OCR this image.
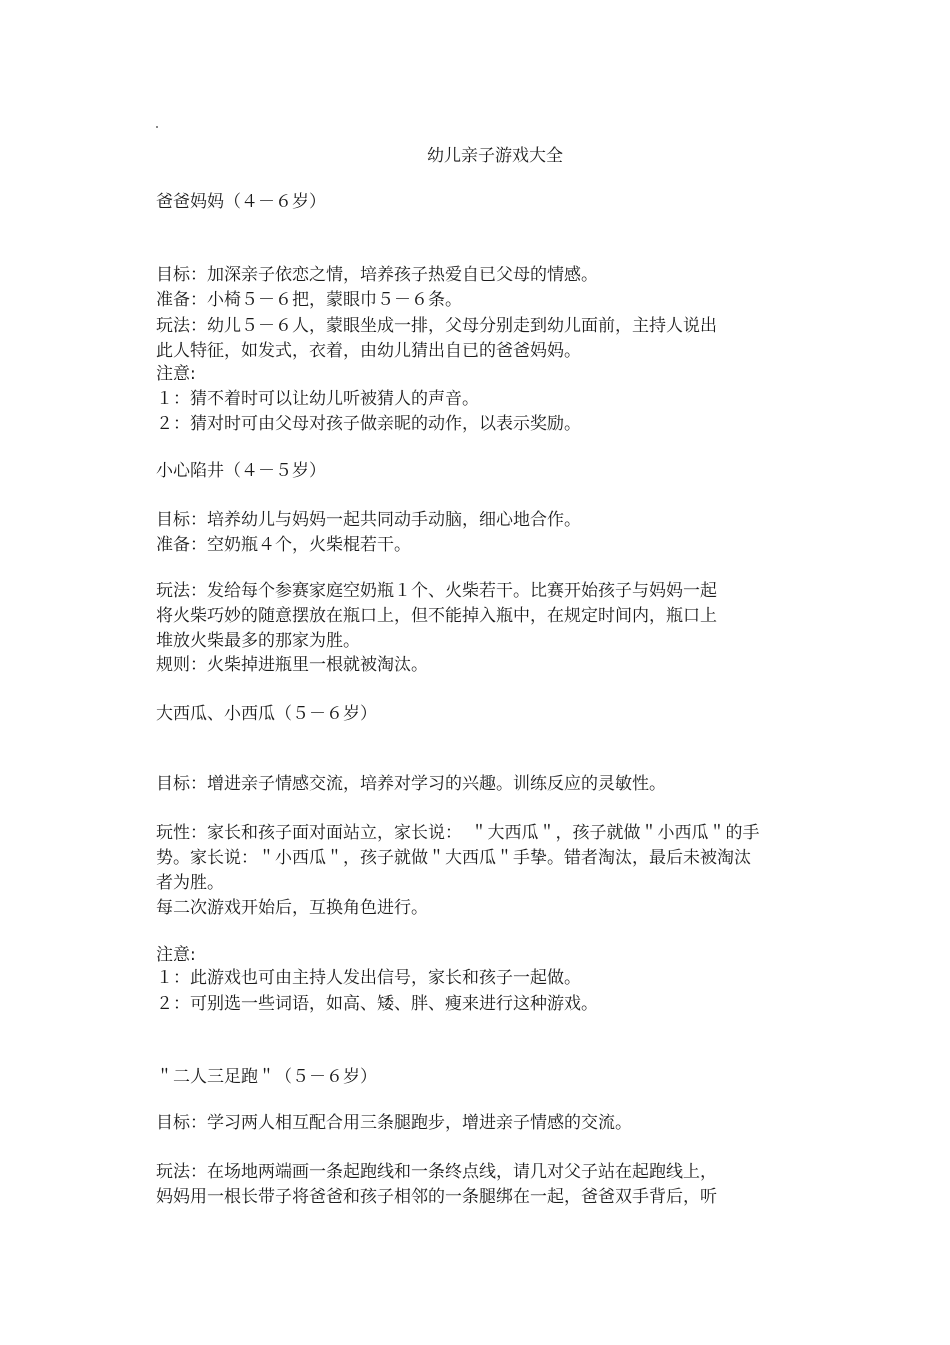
幼儿亲子游戏大全
爸爸妈妈（４－６岁）
目标：加深亲子依恋之情，培养孩子热爱自已父母的情感。
准备：小椅５－６把，蒙眼巾５－６条。
玩法：幼儿５－６人，蒙眼坐成一排，父母分别走到幼儿面前，主持人说出
此人特征，如发式，衣着，由幼儿猜出自已的爸爸妈妈。
注意:
１：猜不着时可以让幼儿听被猜人的声音。
２：猜对时可由父母对孩子做亲昵的动作，以表示奖励。
小心陷井（４－５岁）
目标：培养幼儿与妈妈一起共同动手动脑，细心地合作。
准备：空奶瓶４个，火柴棍若干。
玩法：发给每个参赛家庭空奶瓶１个、火柴若干。比赛开始孩子与妈妈一起
将火柴巧妙的随意摆放在瓶口上，但不能掉入瓶中，在规定时间内，瓶口上
堆放火柴最多的那家为胜。
规则：火柴掉进瓶里一根就被淘汰。
大西瓜、小西瓜（５－６岁）
目标：增进亲子情感交流，培养对学习的兴趣。训练反应的灵敏性。
玩性：家长和孩子面对面站立，家长说：　＂大西瓜＂，孩子就做＂小西瓜＂的手
势。家长说：＂小西瓜＂，孩子就做＂大西瓜＂手挚。错者淘汰，最后未被淘汰
者为胜。
每二次游戏开始后，互换角色进行。
注意:
１：此游戏也可由主持人发出信号，家长和孩子一起做。
２：可别选一些词语，如高、矮、胖、瘦来进行这种游戏。
＂二人三足跑＂（５－６岁）
目标：学习两人相互配合用三条腿跑步，增进亲子情感的交流。
玩法：在场地两端画一条起跑线和一条终点线，请几对父子站在起跑线上，
妈妈用一根长带子将爸爸和孩子相邻的一条腿绑在一起，爸爸双手背后，听
